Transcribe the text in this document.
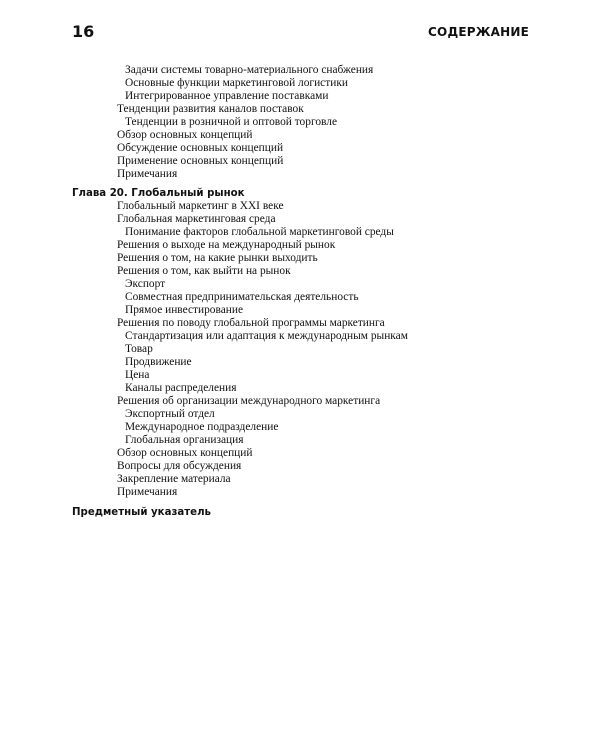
16	СОДЕРЖАНИЕ
Задачи системы товарно-материального снабжения
Основные функции маркетинговой логистики
Интегрированное управление поставками
Тенденции развития каналов поставок
Тенденции в розничной и оптовой торговле
Обзор основных концепций
Обсуждение основных концепций
Применение основных концепций
Примечания
Глава 20. Глобальный рынок
Глобальный маркетинг в XXI веке
Глобальная маркетинговая среда
Понимание факторов глобальной маркетинговой среды
Решения о выходе на международный рынок
Решения о том, на какие рынки выходить
Решения о том, как выйти на рынок
Экспорт
Совместная предпринимательская деятельность
Прямое инвестирование
Решения по поводу глобальной программы маркетинга
Стандартизация или адаптация к международным рынкам
Товар
Продвижение
Цена
Каналы распределения
Решения об организации международного маркетинга
Экспортный отдел
Международное подразделение
Глобальная организация
Обзор основных концепций
Вопросы для обсуждения
Закрепление материала
Примечания
Предметный указатель
